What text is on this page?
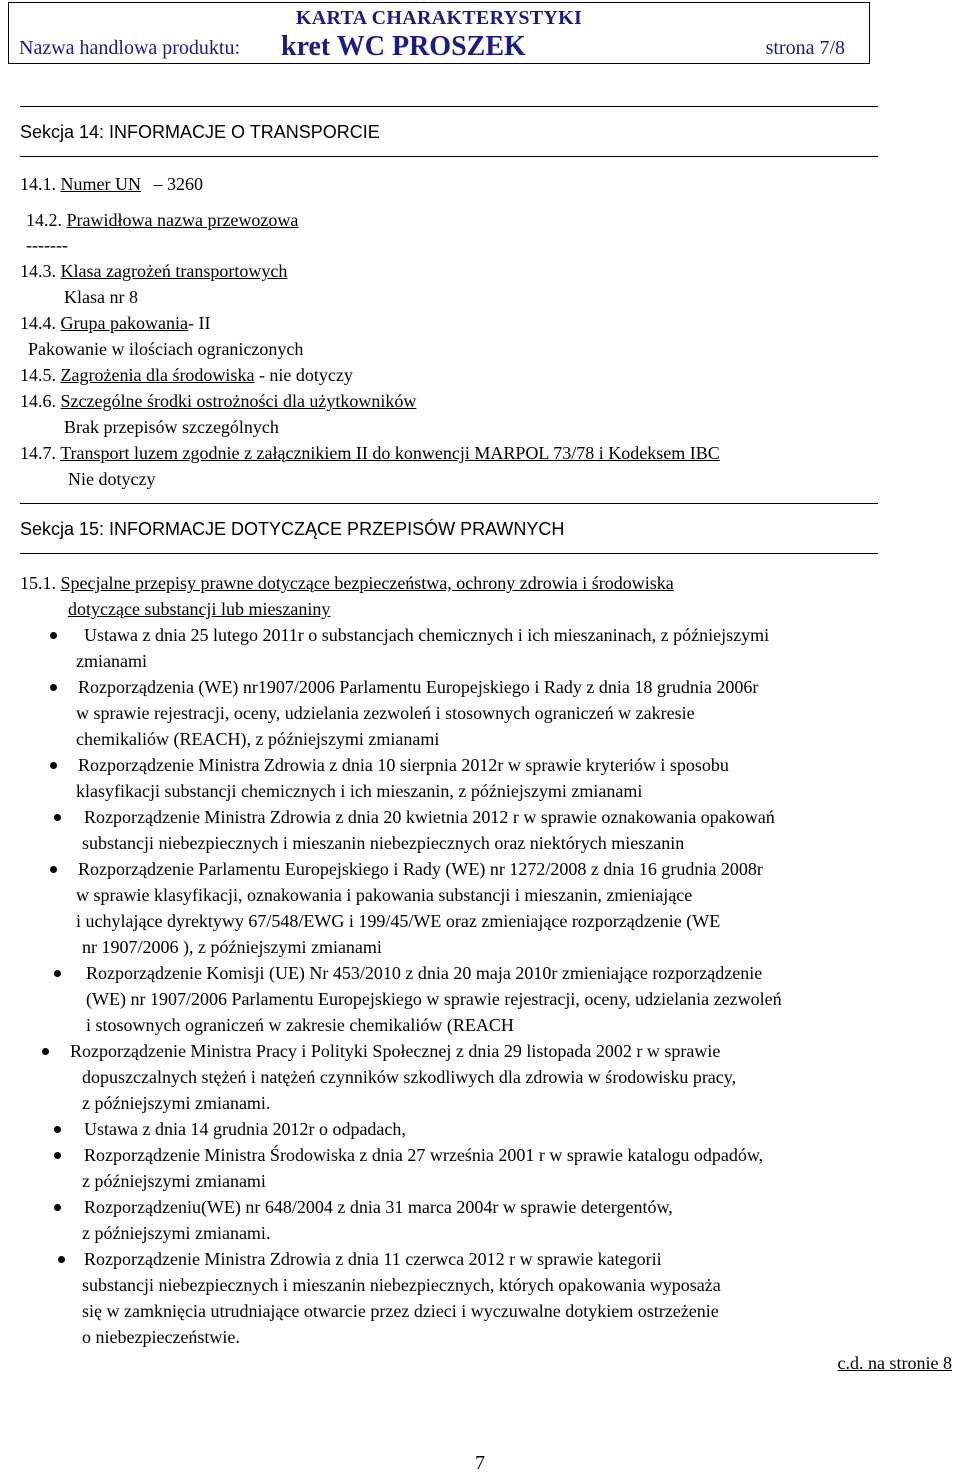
KARTA CHARAKTERYSTYKI
Nazwa handlowa produktu: kret WC PROSZEK	strona 7/8
Sekcja 14: INFORMACJE O TRANSPORCIE
14.1. Numer UN – 3260
14.2. Prawidłowa nazwa przewozowa
-------
14.3. Klasa zagrożeń transportowych
Klasa nr 8
14.4. Grupa pakowania- II
Pakowanie w ilościach ograniczonych
14.5. Zagrożenia dla środowiska - nie dotyczy
14.6. Szczególne środki ostrożności dla użytkowników
Brak przepisów szczególnych
14.7. Transport luzem zgodnie z załącznikiem II do konwencji MARPOL 73/78 i Kodeksem IBC
Nie dotyczy
Sekcja 15: INFORMACJE DOTYCZĄCE PRZEPISÓW PRAWNYCH
15.1. Specjalne przepisy prawne dotyczące bezpieczeństwa, ochrony zdrowia i środowiska
dotyczące substancji lub mieszaniny
Ustawa z dnia 25 lutego 2011r o substancjach chemicznych i ich mieszaninach, z późniejszymi
zmianami
Rozporządzenia (WE) nr1907/2006 Parlamentu Europejskiego i Rady z dnia 18 grudnia 2006r
w sprawie rejestracji, oceny, udzielania zezwoleń i stosownych ograniczeń w zakresie
chemikaliów (REACH), z późniejszymi zmianami
Rozporządzenie Ministra Zdrowia z dnia 10 sierpnia 2012r w sprawie kryteriów i sposobu
klasyfikacji substancji chemicznych i ich mieszanin, z późniejszymi zmianami
Rozporządzenie Ministra Zdrowia z dnia 20 kwietnia 2012 r w sprawie oznakowania opakowań
substancji niebezpiecznych i mieszanin niebezpiecznych oraz niektórych mieszanin
Rozporządzenie Parlamentu Europejskiego i Rady (WE) nr 1272/2008 z dnia 16 grudnia 2008r
w sprawie klasyfikacji, oznakowania i pakowania substancji i mieszanin, zmieniające
i uchylające dyrektywy 67/548/EWG i 199/45/WE oraz zmieniające rozporządzenie (WE
nr 1907/2006 ), z późniejszymi zmianami
Rozporządzenie Komisji (UE) Nr 453/2010 z dnia 20 maja 2010r zmieniające rozporządzenie
(WE) nr 1907/2006 Parlamentu Europejskiego w sprawie rejestracji, oceny, udzielania zezwoleń
i stosownych ograniczeń w zakresie chemikaliów (REACH
Rozporządzenie Ministra Pracy i Polityki Społecznej z dnia 29 listopada 2002 r w sprawie
dopuszczalnych stężeń i natężeń czynników szkodliwych dla zdrowia w środowisku pracy,
z późniejszymi zmianami.
Ustawa z dnia 14 grudnia 2012r o odpadach,
Rozporządzenie Ministra Środowiska z dnia 27 września 2001 r w sprawie katalogu odpadów,
z późniejszymi zmianami
Rozporządzeniu(WE) nr 648/2004 z dnia 31 marca 2004r w sprawie detergentów,
z późniejszymi zmianami.
Rozporządzenie Ministra Zdrowia z dnia 11 czerwca 2012 r w sprawie kategorii
substancji niebezpiecznych i mieszanin niebezpiecznych, których opakowania wyposaża
się w zamknięcia utrudniające otwarcie przez dzieci i wyczuwalne dotykiem ostrzeżenie
o niebezpieczeństwie.
c.d. na stronie 8
7
